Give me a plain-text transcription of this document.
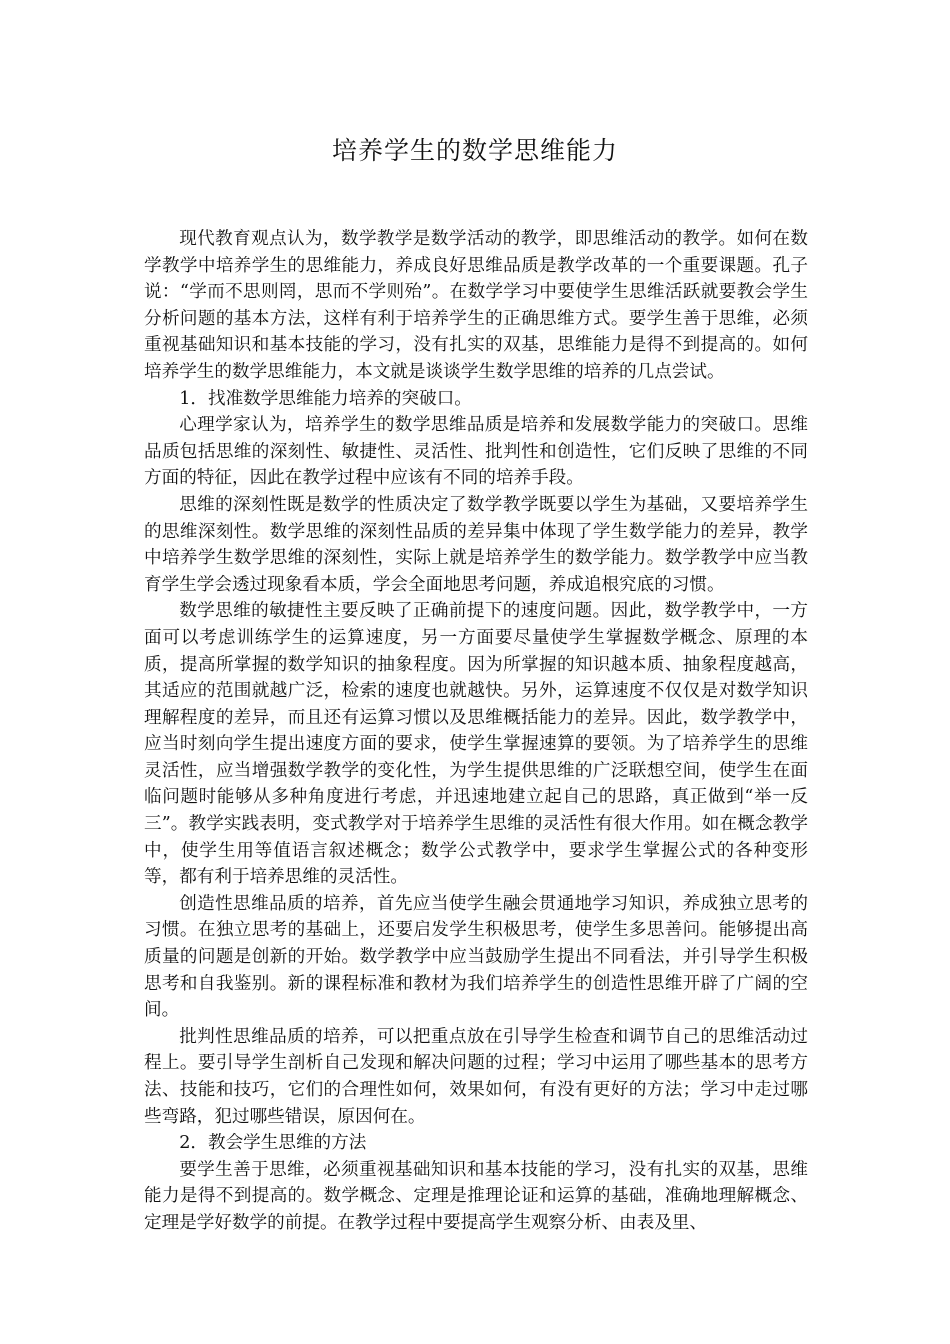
培养学生的数学思维能力

现代教育观点认为，数学教学是数学活动的教学，即思维活动的教学。如何在数学教学中培养学生的思维能力，养成良好思维品质是教学改革的一个重要课题。孔子说：“学而不思则罔，思而不学则殆”。在数学学习中要使学生思维活跃就要教会学生分析问题的基本方法，这样有利于培养学生的正确思维方式。要学生善于思维，必须重视基础知识和基本技能的学习，没有扎实的双基，思维能力是得不到提高的。如何培养学生的数学思维能力，本文就是谈谈学生数学思维的培养的几点尝试。

1．找准数学思维能力培养的突破口。

心理学家认为，培养学生的数学思维品质是培养和发展数学能力的突破口。思维品质包括思维的深刻性、敏捷性、灵活性、批判性和创造性，它们反映了思维的不同方面的特征，因此在教学过程中应该有不同的培养手段。

思维的深刻性既是数学的性质决定了数学教学既要以学生为基础，又要培养学生的思维深刻性。数学思维的深刻性品质的差异集中体现了学生数学能力的差异，教学中培养学生数学思维的深刻性，实际上就是培养学生的数学能力。数学教学中应当教育学生学会透过现象看本质，学会全面地思考问题，养成追根究底的习惯。

数学思维的敏捷性主要反映了正确前提下的速度问题。因此，数学教学中，一方面可以考虑训练学生的运算速度，另一方面要尽量使学生掌握数学概念、原理的本质，提高所掌握的数学知识的抽象程度。因为所掌握的知识越本质、抽象程度越高，其适应的范围就越广泛，检索的速度也就越快。另外，运算速度不仅仅是对数学知识理解程度的差异，而且还有运算习惯以及思维概括能力的差异。因此，数学教学中，应当时刻向学生提出速度方面的要求，使学生掌握速算的要领。为了培养学生的思维灵活性，应当增强数学教学的变化性，为学生提供思维的广泛联想空间，使学生在面临问题时能够从多种角度进行考虑，并迅速地建立起自己的思路，真正做到“举一反三”。教学实践表明，变式教学对于培养学生思维的灵活性有很大作用。如在概念教学中，使学生用等值语言叙述概念；数学公式教学中，要求学生掌握公式的各种变形等，都有利于培养思维的灵活性。

创造性思维品质的培养，首先应当使学生融会贯通地学习知识，养成独立思考的习惯。在独立思考的基础上，还要启发学生积极思考，使学生多思善问。能够提出高质量的问题是创新的开始。数学教学中应当鼓励学生提出不同看法，并引导学生积极思考和自我鉴别。新的课程标准和教材为我们培养学生的创造性思维开辟了广阔的空间。

批判性思维品质的培养，可以把重点放在引导学生检查和调节自己的思维活动过程上。要引导学生剖析自己发现和解决问题的过程；学习中运用了哪些基本的思考方法、技能和技巧，它们的合理性如何，效果如何，有没有更好的方法；学习中走过哪些弯路，犯过哪些错误，原因何在。

2．教会学生思维的方法

要学生善于思维，必须重视基础知识和基本技能的学习，没有扎实的双基，思维能力是得不到提高的。数学概念、定理是推理论证和运算的基础，准确地理解概念、定理是学好数学的前提。在教学过程中要提高学生观察分析、由表及里、
